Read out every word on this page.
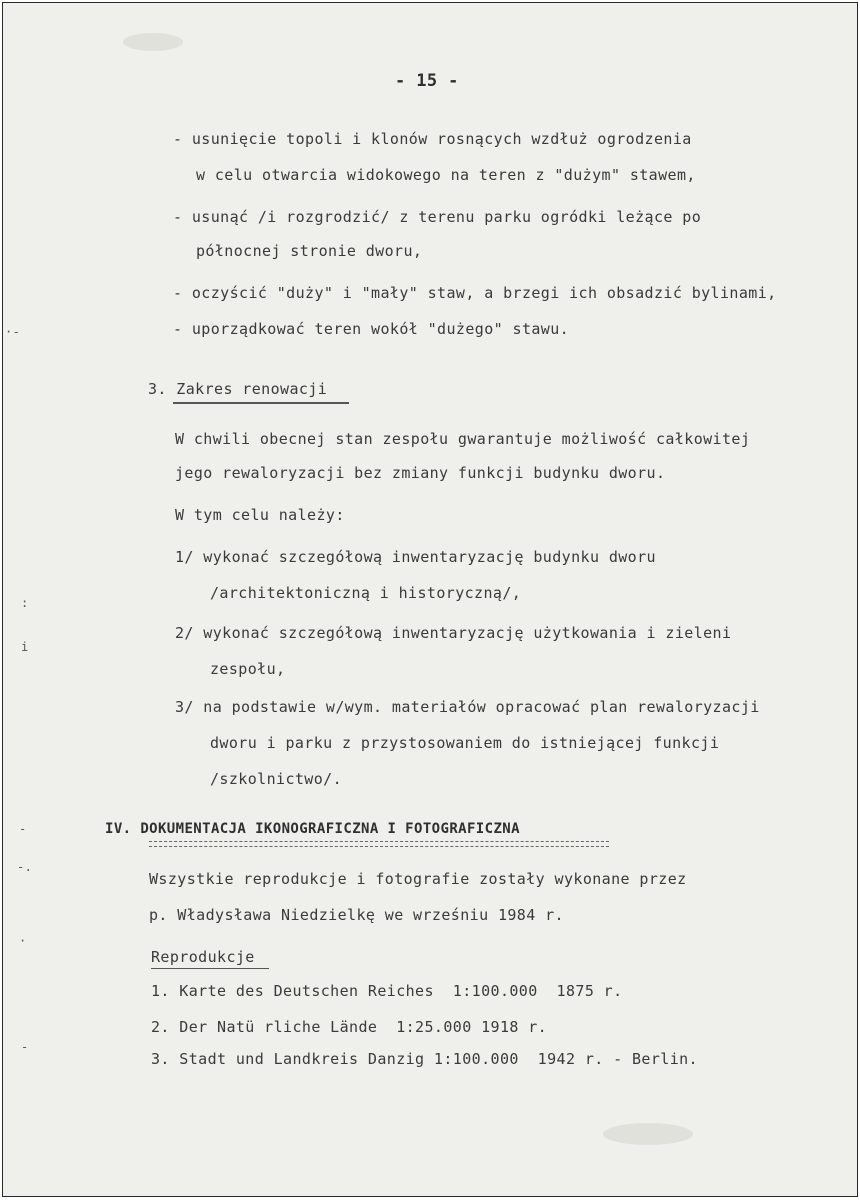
·-
:
i
-
-.
·
-
- 15 -
- usunięcie topoli i klonów rosnących wzdłuż ogrodzenia
w celu otwarcia widokowego na teren z "dużym" stawem,
- usunąć /i rozgrodzić/ z terenu parku ogródki leżące po
północnej stronie dworu,
- oczyścić "duży" i "mały" staw, a brzegi ich obsadzić bylinami,
- uporządkować teren wokół "dużego" stawu.
3. Zakres renowacji
W chwili obecnej stan zespołu gwarantuje możliwość całkowitej
jego rewaloryzacji bez zmiany funkcji budynku dworu.
W tym celu należy:
1/ wykonać szczegółową inwentaryzację budynku dworu
/architektoniczną i historyczną/,
2/ wykonać szczegółową inwentaryzację użytkowania i zieleni
zespołu,
3/ na podstawie w/wym. materiałów opracować plan rewaloryzacji
dworu i parku z przystosowaniem do istniejącej funkcji
/szkolnictwo/.
IV. DOKUMENTACJA IKONOGRAFICZNA I FOTOGRAFICZNA
Wszystkie reprodukcje i fotografie zostały wykonane przez
p. Władysława Niedzielkę we wrześniu 1984 r.
Reprodukcje
1. Karte des Deutschen Reiches  1:100.000  1875 r.
2. Der Natü rliche Lände  1:25.000 1918 r.
3. Stadt und Landkreis Danzig 1:100.000  1942 r. - Berlin.
